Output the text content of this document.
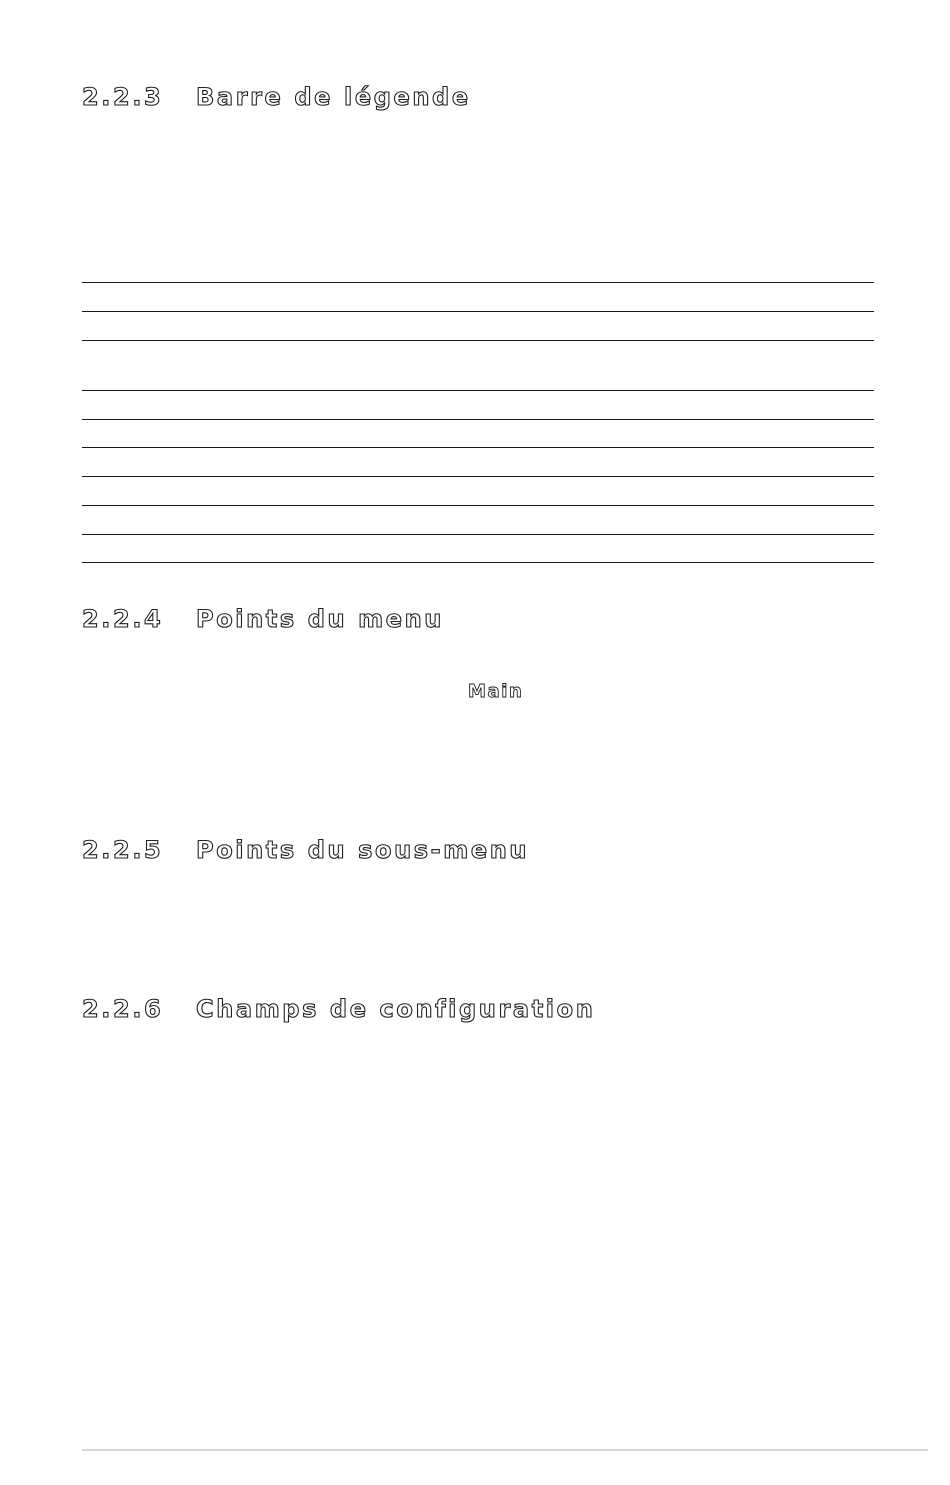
2.2.3 Barre de légende
2.2.4 Points du menu
Main
2.2.5 Points du sous-menu
2.2.6 Champs de configuration
